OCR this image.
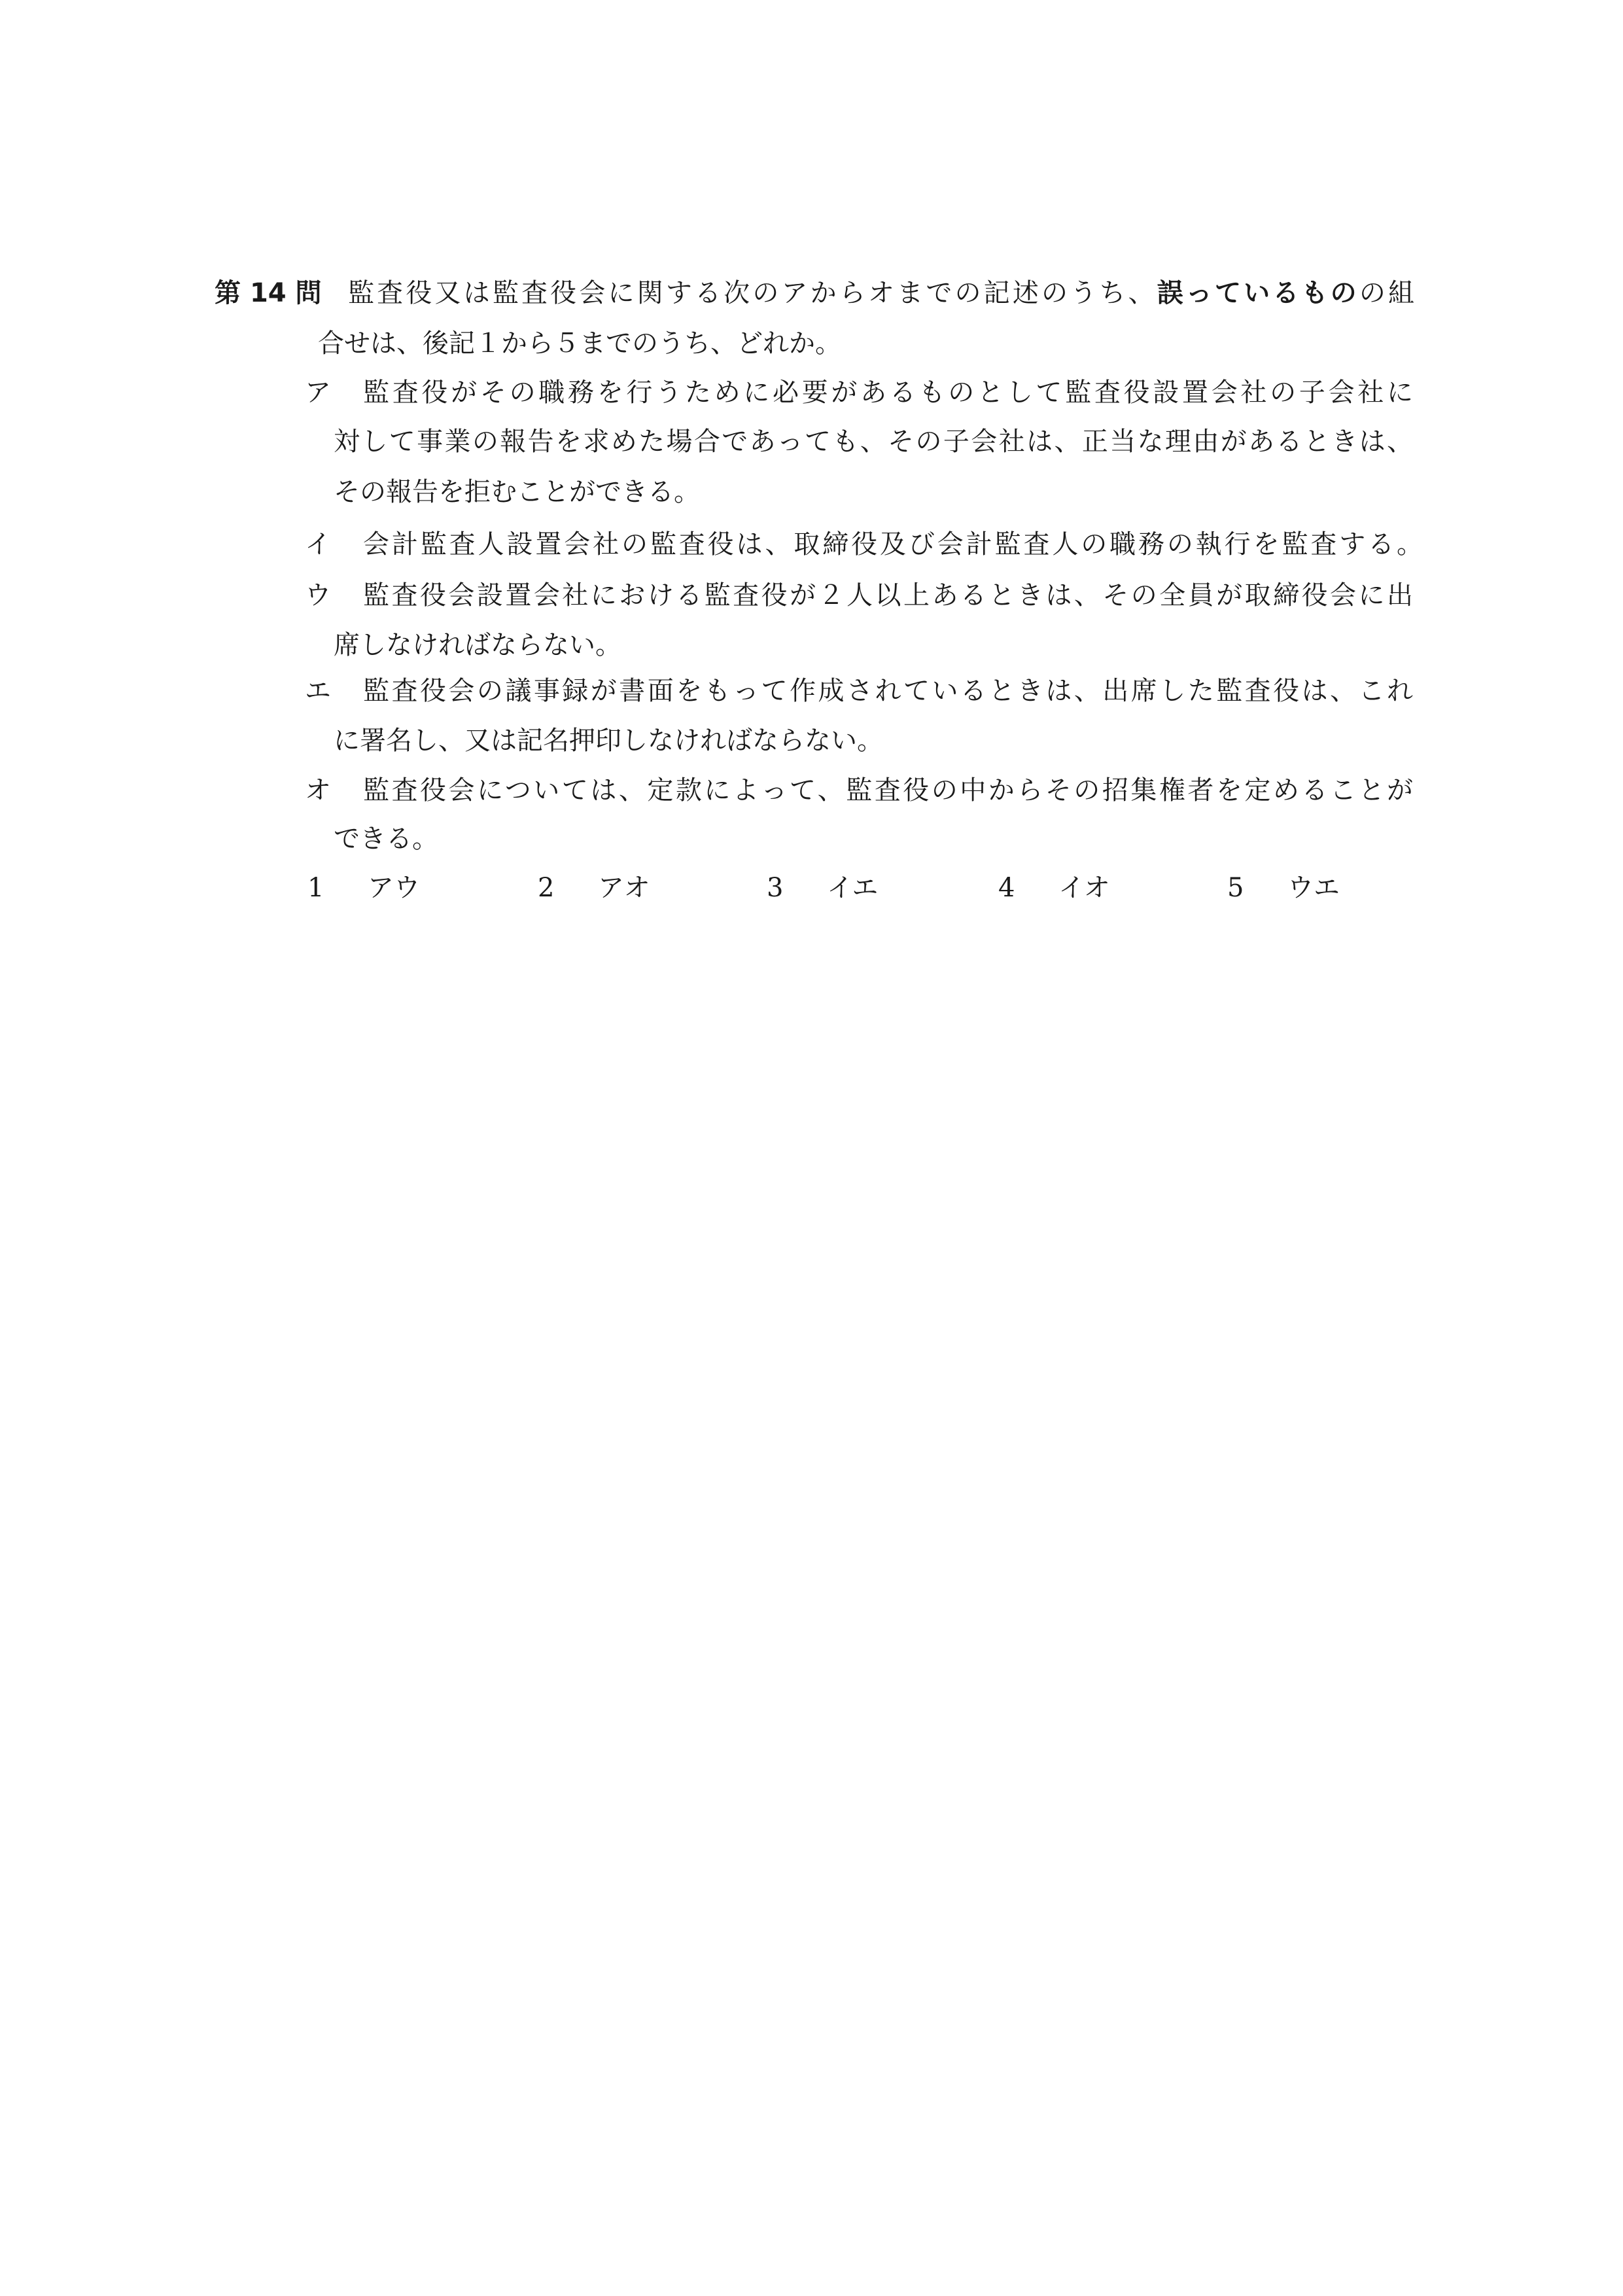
第 14 問 監査役又は監査役会に関する次のアからオまでの記述のうち、誤っているものの組
合せは、後記１から５までのうち、どれか。
ア 監査役がその職務を行うために必要があるものとして監査役設置会社の子会社に
対して事業の報告を求めた場合であっても、その子会社は、正当な理由があるときは、
その報告を拒むことができる。
イ 会計監査人設置会社の監査役は、取締役及び会計監査人の職務の執行を監査する。
ウ 監査役会設置会社における監査役が２人以上あるときは、その全員が取締役会に出
席しなければならない。
エ 監査役会の議事録が書面をもって作成されているときは、出席した監査役は、これ
に署名し、又は記名押印しなければならない。
オ 監査役会については、定款によって、監査役の中からその招集権者を定めることが
できる。
1 アウ	2 アオ	3 イエ	4 イオ	5 ウエ
